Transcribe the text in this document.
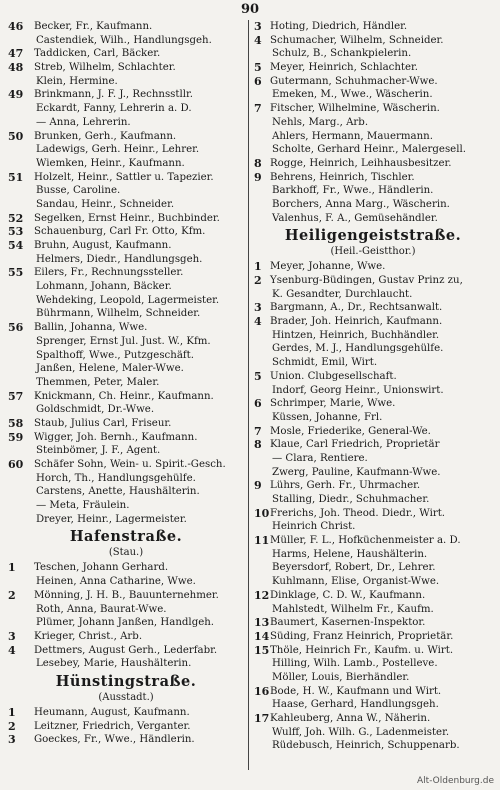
90
46	Becker, Fr., Kaufmann.
Castendiek, Wilh., Handlungsgeh.
47	Taddicken, Carl, Bäcker.
48	Streb, Wilhelm, Schlachter.
Klein, Hermine.
49	Brinkmann, J. F. J., Rechnsstllr.
Eckardt, Fanny, Lehrerin a. D.
— Anna, Lehrerin.
50	Brunken, Gerh., Kaufmann.
Ladewigs, Gerh. Heinr., Lehrer.
Wiemken, Heinr., Kaufmann.
51	Holzelt, Heinr., Sattler u. Tapezier.
Busse, Caroline.
Sandau, Heinr., Schneider.
52	Segelken, Ernst Heinr., Buchbinder.
53	Schauenburg, Carl Fr. Otto, Kfm.
54	Bruhn, August, Kaufmann.
Helmers, Diedr., Handlungsgeh.
55	Eilers, Fr., Rechnungssteller.
Lohmann, Johann, Bäcker.
Wehdeking, Leopold, Lagermeister.
Bührmann, Wilhelm, Schneider.
56	Ballin, Johanna, Wwe.
Sprenger, Ernst Jul. Just. W., Kfm.
Spalthoff, Wwe., Putzgeschäft.
Janßen, Helene, Maler-Wwe.
Themmen, Peter, Maler.
57	Knickmann, Ch. Heinr., Kaufmann.
Goldschmidt, Dr.-Wwe.
58	Staub, Julius Carl, Friseur.
59	Wigger, Joh. Bernh., Kaufmann.
Steinbömer, J. F., Agent.
60	Schäfer Sohn, Wein- u. Spirit.-Gesch.
Horch, Th., Handlungsgehülfe.
Carstens, Anette, Haushälterin.
— Meta, Fräulein.
Dreyer, Heinr., Lagermeister.
Hafenstraße.
(Stau.)
1	Teschen, Johann Gerhard.
Heinen, Anna Catharine, Wwe.
2	Mönning, J. H. B., Bauunternehmer.
Roth, Anna, Baurat-Wwe.
Plümer, Johann Janßen, Handlgeh.
3	Krieger, Christ., Arb.
4	Dettmers, August Gerh., Lederfabr.
Lesebey, Marie, Haushälterin.
Hünstingstraße.
(Ausstadt.)
1	Heumann, August, Kaufmann.
2	Leitzner, Friedrich, Verganter.
3	Goeckes, Fr., Wwe., Händlerin.
3 Hoting, Diedrich, Händler.
4 Schumacher, Wilhelm, Schneider.
Schulz, B., Schankpielerin.
5 Meyer, Heinrich, Schlachter.
6 Gutermann, Schuhmacher-Wwe.
Emeken, M., Wwe., Wäscherin.
7 Fitscher, Wilhelmine, Wäscherin.
Nehls, Marg., Arb.
Ahlers, Hermann, Mauermann.
Scholte, Gerhard Heinr., Malergesell.
8 Rogge, Heinrich, Leihhausbesitzer.
9 Behrens, Heinrich, Tischler.
Barkhoff, Fr., Wwe., Händlerin.
Borchers, Anna Marg., Wäscherin.
Valenhus, F. A., Gemüsehändler.
Heiligengeiststraße.
(Heil.-Geistthor.)
1 Meyer, Johanne, Wwe.
2 Ysenburg-Büdingen, Gustav Prinz zu,
K. Gesandter, Durchlaucht.
3 Bargmann, A., Dr., Rechtsanwalt.
4 Brader, Joh. Heinrich, Kaufmann.
Hintzen, Heinrich, Buchhändler.
Gerdes, M. J., Handlungsgehülfe.
Schmidt, Emil, Wirt.
5 Union. Clubgesellschaft.
Indorf, Georg Heinr., Unionswirt.
6 Schrimper, Marie, Wwe.
Küssen, Johanne, Frl.
7 Mosle, Friederike, General-We.
8 Klaue, Carl Friedrich, Proprietär
— Clara, Rentiere.
Zwerg, Pauline, Kaufmann-Wwe.
9 Lührs, Gerh. Fr., Uhrmacher.
Stalling, Diedr., Schuhmacher.
10 Frerichs, Joh. Theod. Diedr., Wirt.
Heinrich Christ.
11 Müller, F. L., Hofküchenmeister a. D.
Harms, Helene, Haushälterin.
Beyersdorf, Robert, Dr., Lehrer.
Kuhlmann, Elise, Organist-Wwe.
12 Dinklage, C. D. W., Kaufmann.
Mahlstedt, Wilhelm Fr., Kaufm.
13 Baumert, Kasernen-Inspektor.
14 Süding, Franz Heinrich, Proprietär.
15 Thöle, Heinrich Fr., Kaufm. u. Wirt.
Hilling, Wilh. Lamb., Postelleve.
Möller, Louis, Bierhändler.
16 Bode, H. W., Kaufmann und Wirt.
Haase, Gerhard, Handlungsgeh.
17 Kahleuberg, Anna W., Näherin.
Wulff, Joh. Wilh. G., Ladenmeister.
Rüdebusch, Heinrich, Schuppenarb.
Alt-Oldenburg.de
